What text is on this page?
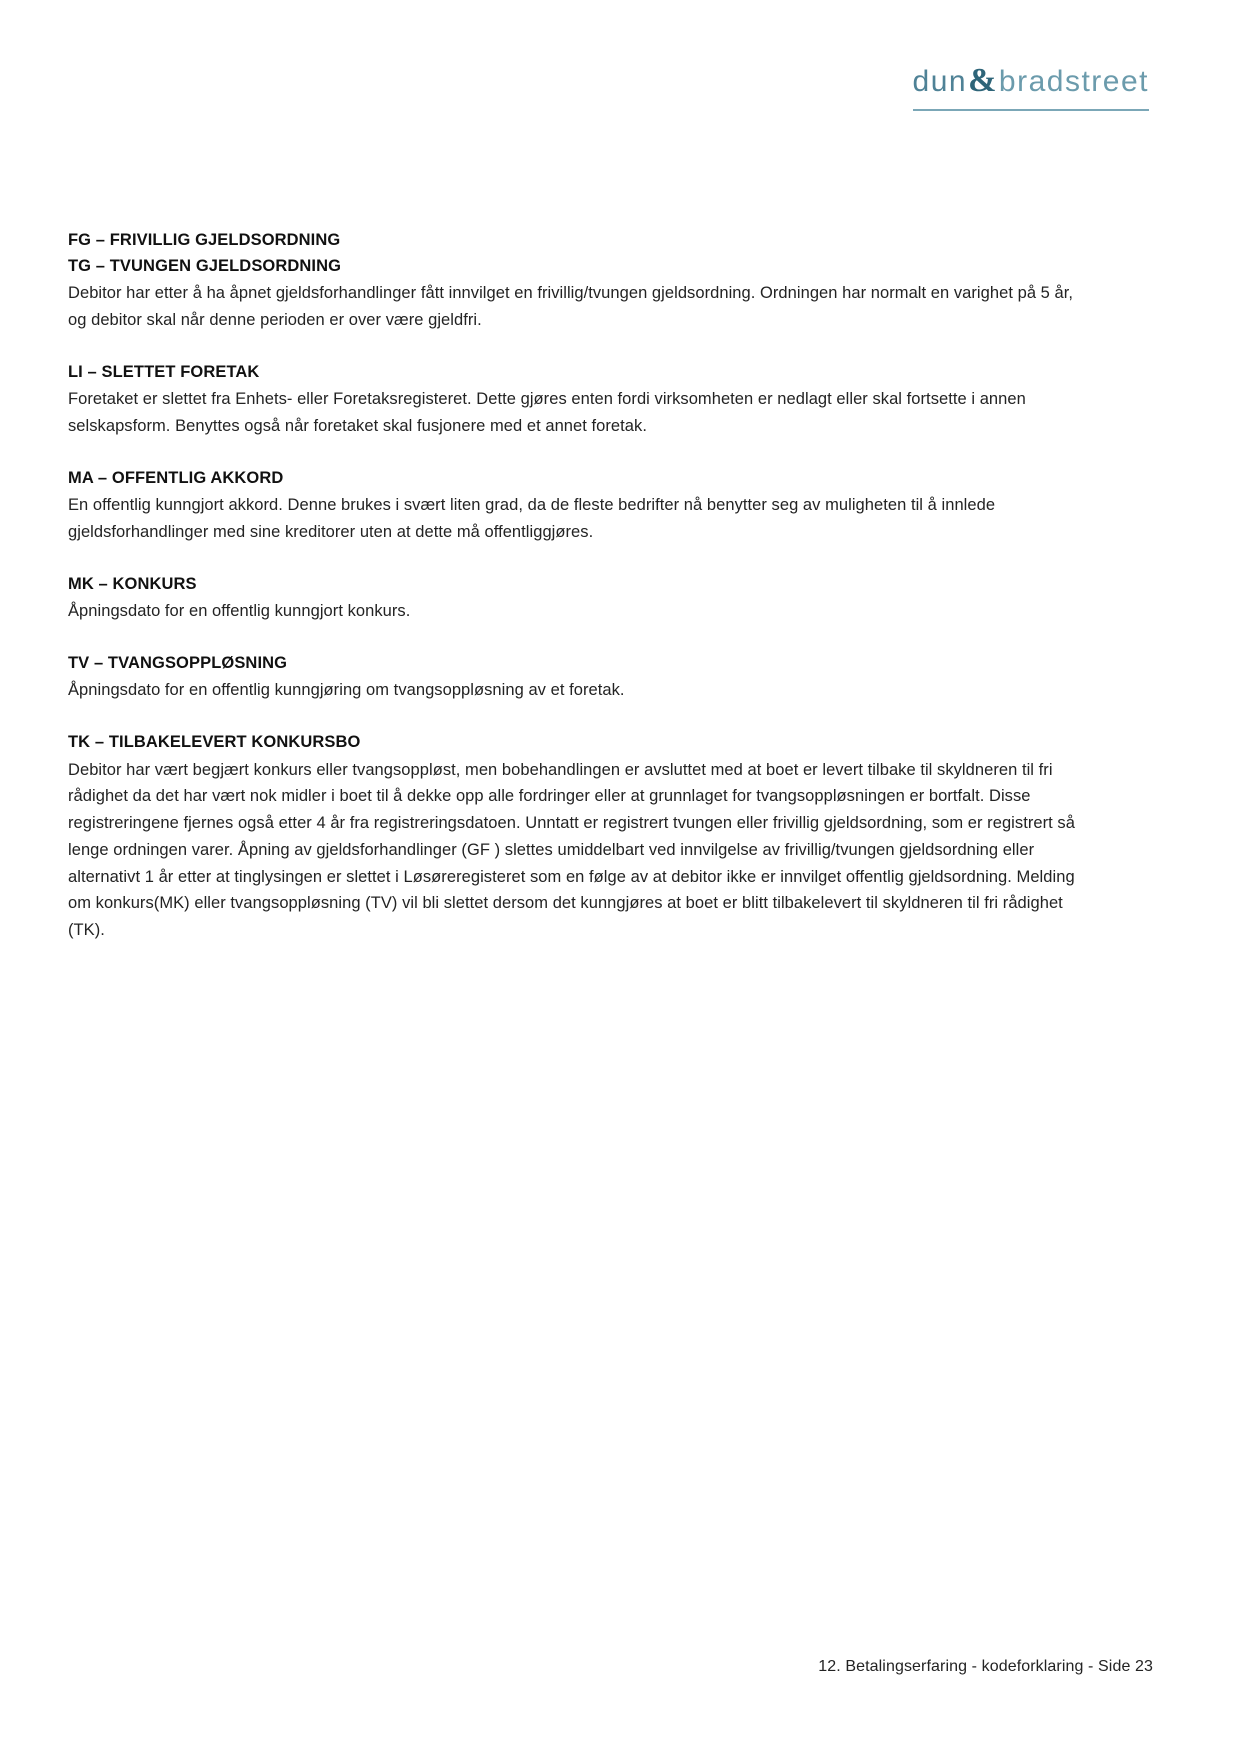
dun & bradstreet
FG – FRIVILLIG GJELDSORDNING
TG – TVUNGEN GJELDSORDNING
Debitor har etter å ha åpnet gjeldsforhandlinger fått innvilget en frivillig/tvungen gjeldsordning. Ordningen har normalt en varighet på 5 år, og debitor skal når denne perioden er over være gjeldfri.
LI – SLETTET FORETAK
Foretaket er slettet fra Enhets- eller Foretaksregisteret. Dette gjøres enten fordi virksomheten er nedlagt eller skal fortsette i annen selskapsform. Benyttes også når foretaket skal fusjonere med et annet foretak.
MA – OFFENTLIG AKKORD
En offentlig kunngjort akkord. Denne brukes i svært liten grad, da de fleste bedrifter nå benytter seg av muligheten til å innlede gjeldsforhandlinger med sine kreditorer uten at dette må offentliggjøres.
MK – KONKURS
Åpningsdato for en offentlig kunngjort konkurs.
TV – TVANGSOPPLØSNING
Åpningsdato for en offentlig kunngjøring om tvangsoppløsning av et foretak.
TK – TILBAKELEVERT KONKURSBO
Debitor har vært begjært konkurs eller tvangsoppløst, men bobehandlingen er avsluttet med at boet er levert tilbake til skyldneren til fri rådighet da det har vært nok midler i boet til å dekke opp alle fordringer eller at grunnlaget for tvangsoppløsningen er bortfalt. Disse registreringene fjernes også etter 4 år fra registreringsdatoen. Unntatt er registrert tvungen eller frivillig gjeldsordning, som er registrert så lenge ordningen varer. Åpning av gjeldsforhandlinger (GF ) slettes umiddelbart ved innvilgelse av frivillig/tvungen gjeldsordning eller alternativt 1 år etter at tinglysingen er slettet i Løsøreregisteret som en følge av at debitor ikke er innvilget offentlig gjeldsordning. Melding om konkurs(MK) eller tvangsoppløsning (TV) vil bli slettet dersom det kunngjøres at boet er blitt tilbakelevert til skyldneren til fri rådighet (TK).
12. Betalingserfaring - kodeforklaring - Side 23
